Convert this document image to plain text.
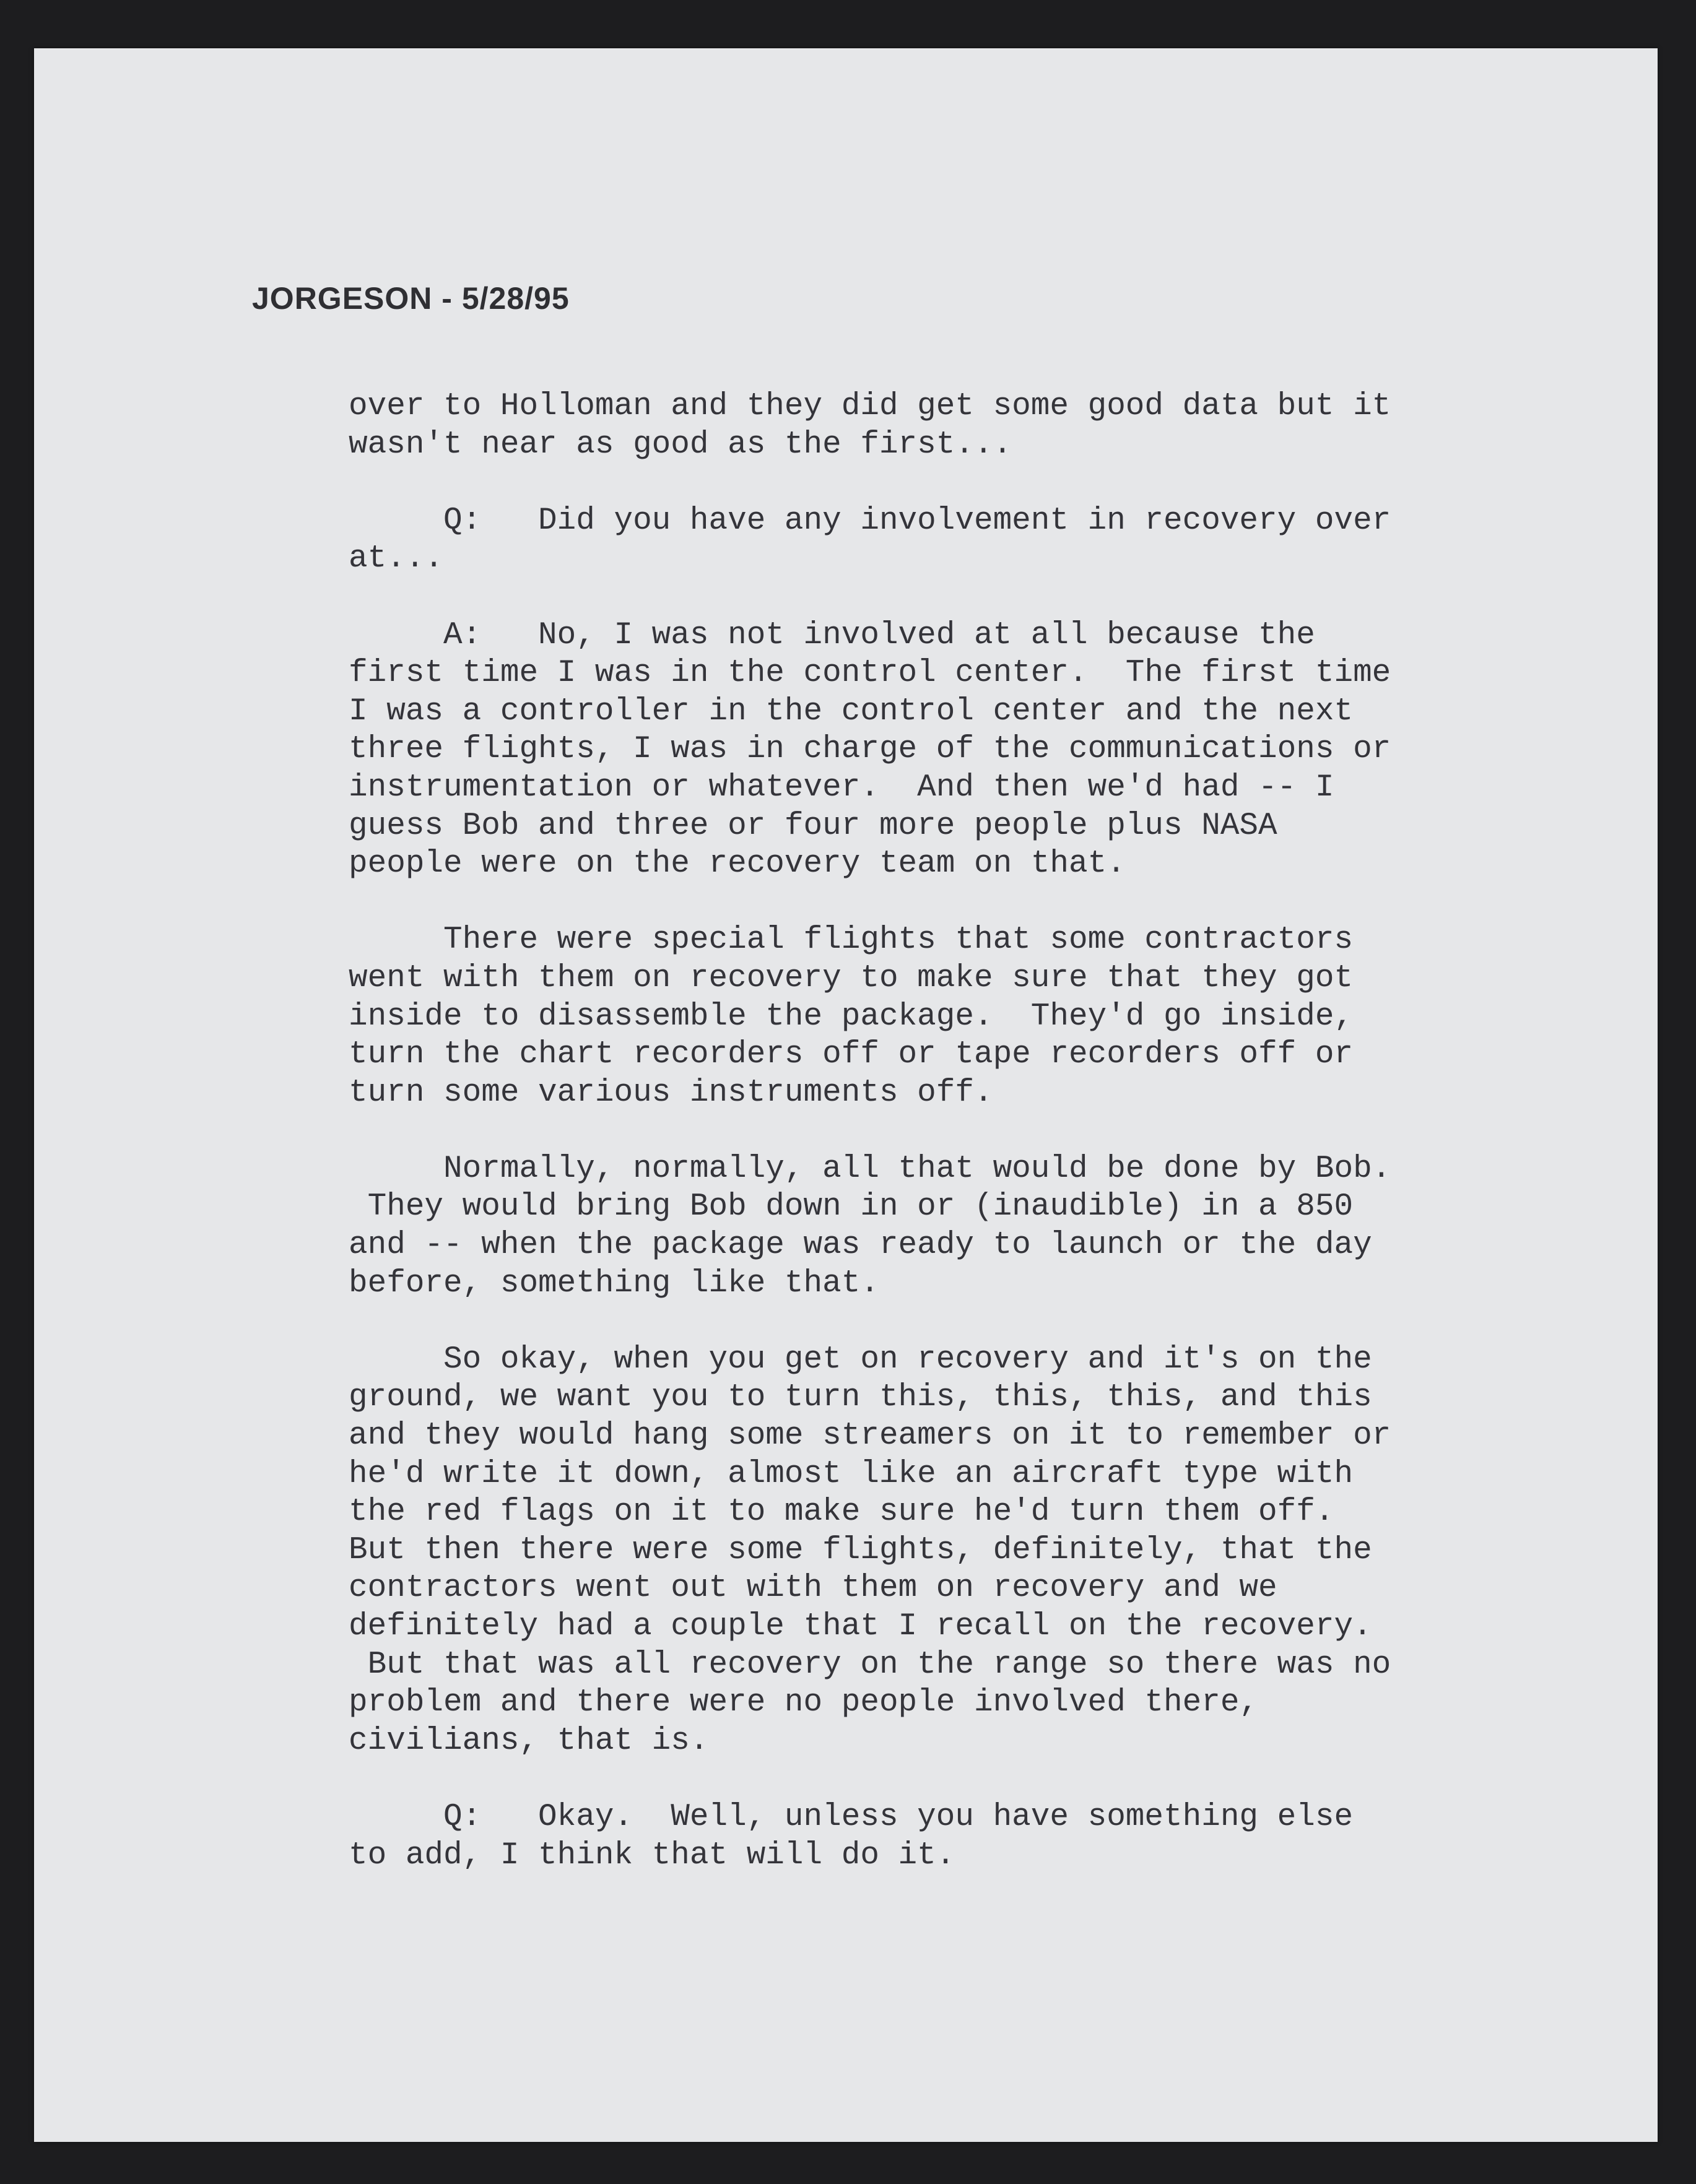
JORGESON - 5/28/95

over to Holloman and they did get some good data but it
wasn't near as good as the first...

Q:   Did you have any involvement in recovery over
at...

A:   No, I was not involved at all because the
first time I was in the control center.  The first time
I was a controller in the control center and the next
three flights, I was in charge of the communications or
instrumentation or whatever.  And then we'd had -- I
guess Bob and three or four more people plus NASA
people were on the recovery team on that.

There were special flights that some contractors
went with them on recovery to make sure that they got
inside to disassemble the package.  They'd go inside,
turn the chart recorders off or tape recorders off or
turn some various instruments off.

Normally, normally, all that would be done by Bob.
They would bring Bob down in or (inaudible) in a 850
and -- when the package was ready to launch or the day
before, something like that.

So okay, when you get on recovery and it's on the
ground, we want you to turn this, this, this, and this
and they would hang some streamers on it to remember or
he'd write it down, almost like an aircraft type with
the red flags on it to make sure he'd turn them off.
But then there were some flights, definitely, that the
contractors went out with them on recovery and we
definitely had a couple that I recall on the recovery.
But that was all recovery on the range so there was no
problem and there were no people involved there,
civilians, that is.

Q:   Okay.  Well, unless you have something else
to add, I think that will do it.
